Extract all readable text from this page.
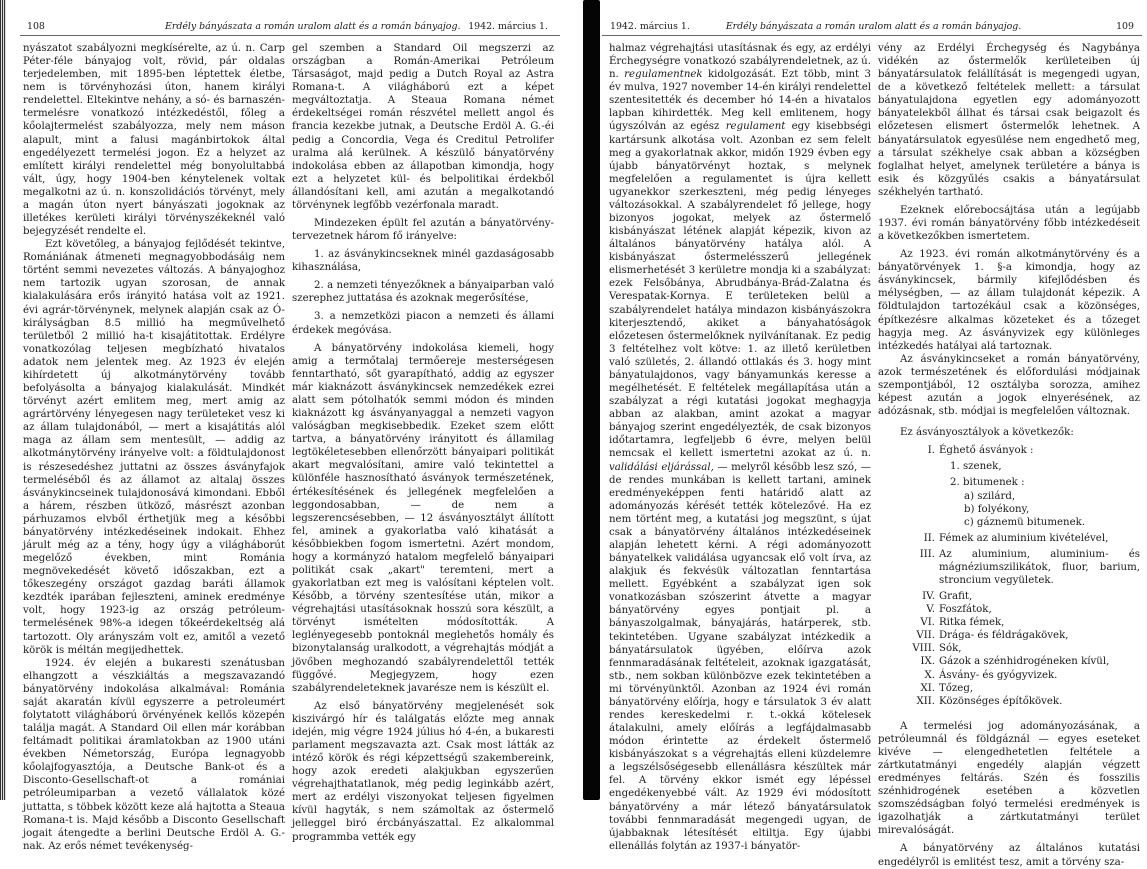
108	Erdély bányászata a román uralom alatt és a román bányajog. 1942. március 1.

nyászatot szabályozni megkísérelte, az ú. n. Carp Péter-féle bányajog volt, rövid, pár oldalas terjedelemben, mit 1895-ben léptettek életbe, nem is törvényhozási úton, hanem királyi rendelettel. Eltekintve nehány, a só- és barnaszén-termelésre vonatkozó intézkedéstől, főleg a kőolajtermelést szabályozza, mely nem máson alapult, mint a falusi magánbirtokok által engedélyezett termelési jogon. Ez a helyzet az említett királyi rendelettel még bonyolultabbá vált, úgy, hogy 1904-ben kénytelenek voltak megalkotni az ú. n. konszolidációs törvényt, mely a magán úton nyert bányászati jogoknak az illetékes kerületi királyi törvényszékeknél való bejegyzését rendelte el.

Ezt követőleg, a bányajog fejlődését tekintve, Romániának átmeneti megnagyobbodásáig nem történt semmi nevezetes változás. A bányajoghoz nem tartozik ugyan szorosan, de annak kialakulására erős irányitó hatása volt az 1921. évi agrár-törvénynek, melynek alapján csak az Ó-királyságban 8.5 millió ha megművelhető területből 2 millió ha-t kisajátitottak. Erdélyre vonatkozólag teljesen megbízható hivatalos adatok nem jelentek meg. Az 1923 év elején kihírdetett új alkotmánytörvény tovább befolyásolta a bányajog kialakulását. Mindkét törvényt azért emlitem meg, mert amig az agrártörvény lényegesen nagy területeket vesz ki az állam tulajdonából, — mert a kisajátitás alól maga az állam sem mentesült, — addig az alkotmánytörvény irányelve volt: a földtulajdonost is részesedéshez juttatni az összes ásványfajok termeléséből és az államot az altalaj összes ásványkincseinek tulajdonosává kimondani. Ebből a hárem, részben ütköző, másrészt azonban párhuzamos elvből érthetjük meg a későbbi bányatörvény intézkedéseinek indokait. Ehhez járult még az a tény, hogy úgy a világháborút megelőző években, mint Románia megnövekedését követő időszakban, ezt a tőkeszegény országot gazdag baráti államok kezdték iparában fejleszteni, aminek eredménye volt, hogy 1923-ig az ország petróleum-termelésének 98%-a idegen tőkeérdekeltség alá tartozott. Oly arányszám volt ez, amitől a vezető körök is méltán megijedhettek.

1924. év elején a bukaresti szenátusban elhangzott a vészkiáltás a megszavazandó bányatörvény indokolása alkalmával: Románia saját akaratán kívül egyszerre a petroleumért folytatott világháború örvényének kellős közepén találja magát. A Standard Oil ellen már korábban feltámadt politikai áramlatokban az 1900 utáni években Németország, Európa legnagyobb kőolajfogyasztója, a Deutsche Bank-ot és a Disconto-Gesellschaft-ot a romániai petróleumiparban a vezető vállalatok közé juttatta, s többek között keze alá hajtotta a Steaua Romana-t is. Majd később a Disconto Gesellschaft jogait átengedte a berlini Deutsche Erdöl A. G.-nak. Az erős német tevékenység-

gel szemben a Standard Oil megszerzi az országban a Román-Amerikai Petróleum Társaságot, majd pedig a Dutch Royal az Astra Romana-t. A világháború ezt a képet megváltoztatja. A Steaua Romana német érdekeltségei román részvétel mellett angol és francia kezekbe jutnak, a Deutsche Erdöl A. G.-éi pedig a Concordia, Vega és Creditul Petrolifer uralma alá kerülnek. A készülő bányatörvény indokolása ebben az állapotban kimondja, hogy ezt a helyzetet kül- és belpolitikai érdekből állandósítani kell, ami azután a megalkotandó törvénynek legfőbb vezérfonala maradt.

Mindezeken épült fel azután a bányatörvény-tervezetnek három fő irányelve:

1. az ásványkincseknek minél gazdaságosabb kihasználása,

2. a nemzeti tényezőknek a bányaiparban való szerephez juttatása és azoknak megerősítése,

3. a nemzetközi piacon a nemzeti és állami érdekek megóvása.

A bányatörvény indokolása kiemeli, hogy amig a termőtalaj termőereje mesterségesen fenntartható, sőt gyarapítható, addig az egyszer már kiaknázott ásványkincsek nemzedékek ezrei alatt sem pótolhatók semmi módon és minden kiaknázott kg ásványanyaggal a nemzeti vagyon valóságban megkisebbedik. Ezeket szem előtt tartva, a bányatörvény irányitott és államilag legtökéletesebben ellenőrzött bányaipari politikát akart megvalósítani, amire való tekintettel a különféle hasznosítható ásványok természetének, értékesítésének és jellegének megfelelően a leggondosabban, — de nem a legszerencsésebben, — 12 ásványosztályt állított fel, aminek a gyakorlatba való kihatását a későbbiekben fogom ismertetni. Azért mondom, hogy a kormányzó hatalom megfelelő bányaipari politikát csak „akart" teremteni, mert a gyakorlatban ezt meg is valósítani képtelen volt. Később, a törvény szentesítése után, mikor a végrehajtási utasításoknak hosszú sora készült, a törvényt ismételten módosították. A leglényegesebb pontoknál meglehetős homály és bizonytalanság uralkodott, a végrehajtás módját a jövőben meghozandó szabályrendelettől tették függővé. Megjegyzem, hogy ezen szabályrendeleteknek javarésze nem is készült el.

Az első bányatörvény megjelenését sok kiszivárgó hír és találgatás előzte meg annak idején, mig végre 1924 július hó 4-én, a bukaresti parlament megszavazta azt. Csak most látták az intéző körök és régi képzettségű szakembereink, hogy azok eredeti alakjukban egyszerűen végrehajthatatlanok, még pedig leginkább azért, mert az erdélyi viszonyokat teljesen figyelmen kívül hagyták, s nem számoltak az őstermelő jelleggel biró ércbányászattal. Ez alkalommal programmba vették egy

1942. március 1.	Erdély bányászata a román uralom alatt és a román bányajog.	109

halmaz végrehajtási utasításnak és egy, az erdélyi Érchegységre vonatkozó szabályrendeletnek, az ú. n. regulamentnek kidolgozását. Ezt több, mint 3 év mulva, 1927 november 14-én királyi rendelettel szentesitették és december hó 14-én a hivatalos lapban kihirdették. Meg kell emlitenem, hogy úgyszólván az egész regulament egy kisebbségi kartársunk alkotása volt. Azonban ez sem felelt meg a gyakorlatnak akkor, midőn 1929 évben egy újabb bányatörvényt hoztak, s melynek megfelelően a regulamentet is újra kellett ugyanekkor szerkeszteni, még pedig lényeges változásokkal. A szabályrendelet fő jellege, hogy bizonyos jogokat, melyek az őstermelő kisbányászat létének alapját képezik, kivon az általános bányatörvény hatálya alól. A kisbányászat őstermelésszerű jellegének elismerhetését 3 kerületre mondja ki a szabályzat: ezek Felsőbánya, Abrudbánya-Brád-Zalatna és Verespatak-Kornya. E területeken belül a szabályrendelet hatálya mindazon kisbányászokra kiterjesztendő, akiket a bányahatóságok előzetesen őstermelőknek nyilvánítanak. Ez pedig 3 feltételhez volt kötve: 1. az illető kerületben való születés, 2. állandó ottlakás és 3. hogy mint bányatulajdonos, vagy bányamunkás keresse a megélhetését. E feltételek megállapítása után a szabályzat a régi kutatási jogokat meghagyja abban az alakban, amint azokat a magyar bányajog szerint engedélyezték, de csak bizonyos időtartamra, legfeljebb 6 évre, melyen belül nemcsak el kellett ismertetni azokat az ú. n. validálási eljárással, — melyről később lesz szó, — de rendes munkában is kellett tartani, aminek eredményeképpen fenti határidő alatt az adományozás kérését tették kötelezővé. Ha ez nem történt meg, a kutatási jog megszünt, s újat csak a bányatörvény általános intézkedéseinek alapján lehetett kérni. A régi adományozott bányatelkek validálása ugyancsak elő volt írva, az alakjuk és fekvésük változatlan fenntartása mellett. Egyébként a szabályzat igen sok vonatkozásban szószerint átvette a magyar bányatörvény egyes pontjait pl. a bányaszolgalmak, bányajárás, határperek, stb. tekintetében. Ugyane szabályzat intézkedik a bányatársulatok ügyében, előírva azok fennmaradásának feltételeit, azoknak igazgatását, stb., nem sokban különbözve ezek tekintetében a mi törvényünktől. Azonban az 1924 évi román bányatörvény előírja, hogy e társulatok 3 év alatt rendes kereskedelmi r. t.-okká kötelesek átalakulni, amely előírás a legfájdalmasabb módon érintette az érdekelt őstermelő kisbányászokat s a végrehajtás elleni küzdelemre a legszélsőségesebb ellenállásra készültek már fel. A törvény ekkor ismét egy lépéssel engedékenyebbé vált. Az 1929 évi módosított bányatörvény a már létező bányatársulatok további fennmaradását megengedi ugyan, de újabbaknak létesítését eltiltja. Egy újabbi ellenállás folytán az 1937-i bányatör-

vény az Erdélyi Érchegység és Nagybánya vidékén az őstermelők kerületeiben új bányatársulatok felállítását is megengedi ugyan, de a következő feltételek mellett: a társulat bányatulajdona egyetlen egy adományozott bányatelekből állhat és társai csak beigazolt és előzetesen elismert őstermelők lehetnek. A bányatársulatok egyesülése nem engedhető meg, a társulat székhelye csak abban a községben foglalhat helyet, amelynek területére a bánya is esik és közgyűlés csakis a bányatársulat székhelyén tartható.

Ezeknek előrebocsájtása után a legújabb 1937. évi román bányatörvény főbb intézkedéseit a következőkben ismertetem.

Az 1923. évi román alkotmánytörvény és a bányatörvények 1. §-a kimondja, hogy az ásványkincsek, bármily kifejlődésben és mélységben, — az állam tulajdonát képezik. A földtulajdon tartozékául csak a közönséges, építkezésre alkalmas közeteket és a tőzeget hagyja meg. Az ásványvizek egy különleges intézkedés hatályai alá tartoznak.

Az ásványkincseket a román bányatörvény, azok természetének és előfordulási módjainak szempontjából, 12 osztályba sorozza, amihez képest azután a jogok elnyerésének, az adózásnak, stb. módjai is megfelelően változnak.

Ez ásványosztályok a következők:

I. Éghető ásványok :
1. szenek,
2. bitumenek :
a) szilárd,
b) folyékony,
c) gáznemü bitumenek.
II. Fémek az aluminium kivételével,
III. Az aluminium, aluminium- és mágnéziumszilikátok, fluor, barium, stroncium vegyületek.
IV. Grafit,
V. Foszfátok,
VI. Ritka fémek,
VII. Drága- és féldrágakövek,
VIII. Sók,
IX. Gázok a szénhidrogéneken kívül,
X. Ásvány- és gyógyvizek.
XI. Tőzeg,
XII. Közönséges építőkövek.

A termelési jog adományozásának, a petróleumnál és földgáznál — egyes eseteket kivéve — elengedhetetlen feltétele a zártkutatmányi engedély alapján végzett eredményes feltárás. Szén és fosszilis szénhidrogének esetében a közvetlen szomszédságban folyó termelési eredmények is igazolhatják a zártkutatmányi terület mirevalóságát.

A bányatörvény az általános kutatási engedélyről is emlitést tesz, amit a törvény sza-
